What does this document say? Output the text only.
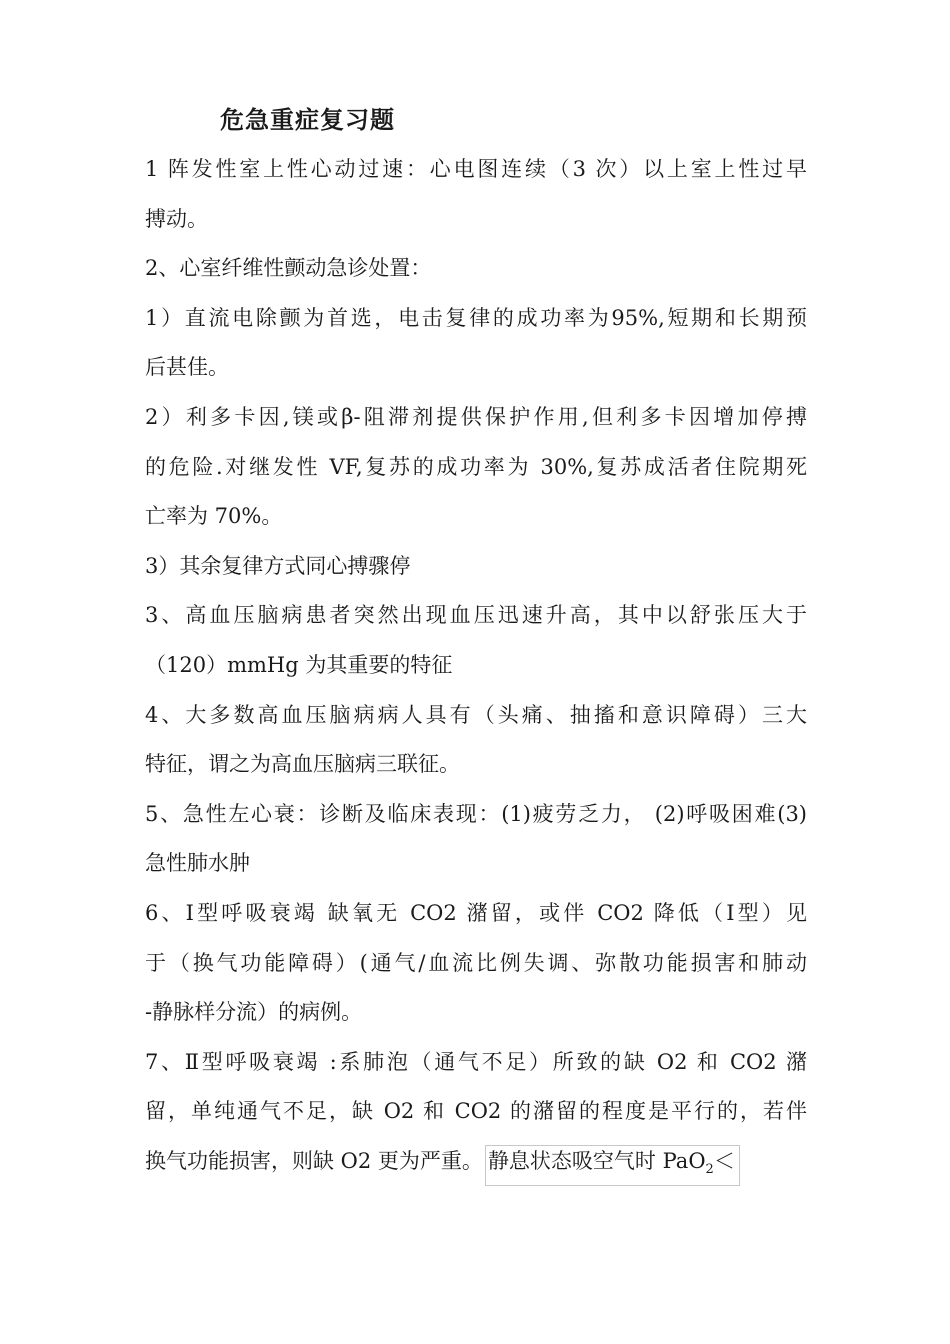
危急重症复习题
1 阵发性室上性心动过速：心电图连续（3 次）以上室上性过早
搏动。
2、心室纤维性颤动急诊处置：
1）直流电除颤为首选，电击复律的成功率为95%,短期和长期预
后甚佳。
2）利多卡因,镁或β-阻滞剂提供保护作用,但利多卡因增加停搏
的危险.对继发性 VF,复苏的成功率为 30%,复苏成活者住院期死
亡率为 70%。
3）其余复律方式同心搏骤停
3、高血压脑病患者突然出现血压迅速升高，其中以舒张压大于
（120）mmHg 为其重要的特征
4、大多数高血压脑病病人具有（头痛、抽搐和意识障碍）三大
特征，谓之为高血压脑病三联征。
5、急性左心衰：诊断及临床表现：(1)疲劳乏力， (2)呼吸困难(3)
急性肺水肿
6、Ⅰ型呼吸衰竭 缺氧无 CO2 潴留，或伴 CO2 降低（Ⅰ型）见
于（换气功能障碍）(通气/血流比例失调、弥散功能损害和肺动
-静脉样分流）的病例。
7、Ⅱ型呼吸衰竭 :系肺泡（通气不足）所致的缺 O2 和 CO2 潴
留，单纯通气不足，缺 O2 和 CO2 的潴留的程度是平行的，若伴
换气功能损害，则缺 O2 更为严重。 静息状态吸空气时 PaO$_2$＜
